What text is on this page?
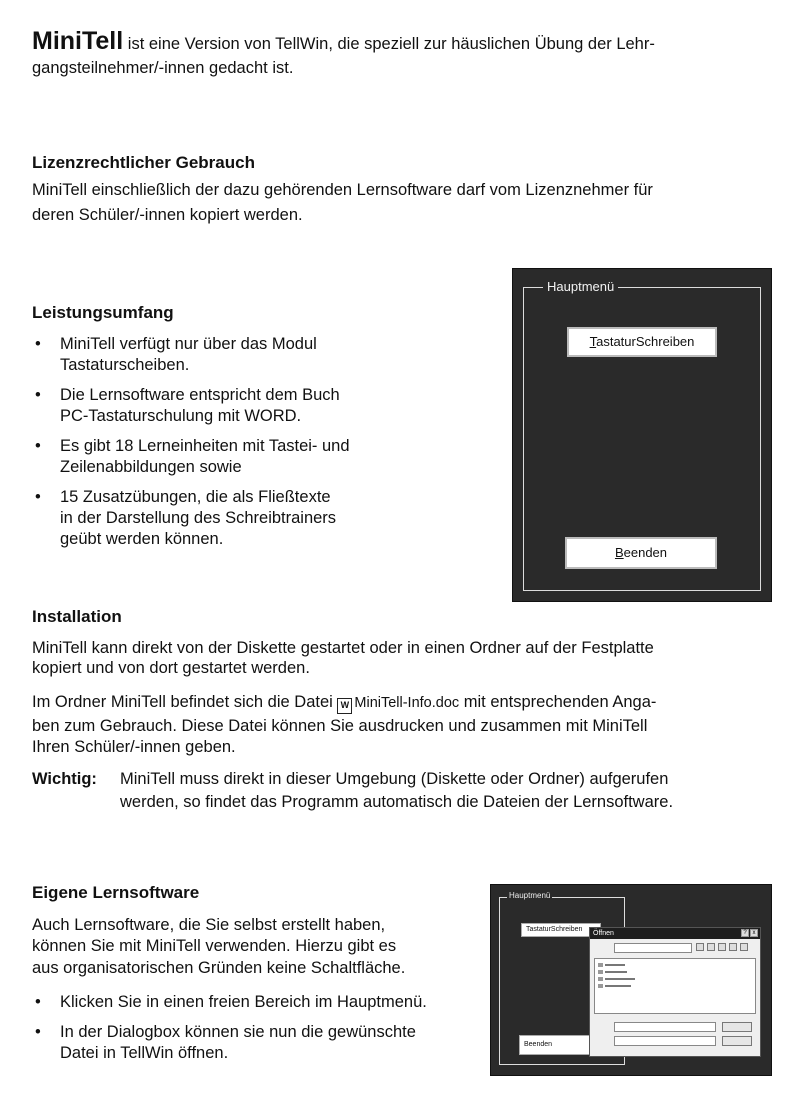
MiniTell ist eine Version von TellWin, die speziell zur häuslichen Übung der Lehr-

gangsteilnehmer/-innen gedacht ist.

Lizenzrechtlicher Gebrauch

MiniTell einschließlich der dazu gehörenden Lernsoftware darf vom Lizenznehmer für

deren Schüler/-innen kopiert werden.

Leistungsumfang
• MiniTell verfügt nur über das Modul
Tastaturscheiben.
• Die Lernsoftware entspricht dem Buch
PC-Tastaturschulung mit WORD.
• Es gibt 18 Lerneinheiten mit Tastei- und
Zeilenabbildungen sowie
• 15 Zusatzübungen, die als Fließtexte
in der Darstellung des Schreibtrainers
geübt werden können.
Hauptmenü
TastaturSchreiben
Beenden
Installation

MiniTell kann direkt von der Diskette gestartet oder in einen Ordner auf der Festplatte

kopiert und von dort gestartet werden.

Im Ordner MiniTell befindet sich die Datei W MiniTell-Info.doc mit entsprechenden Anga-

ben zum Gebrauch. Diese Datei können Sie ausdrucken und zusammen mit MiniTell

Ihren Schüler/-innen geben.

Wichtig: MiniTell muss direkt in dieser Umgebung (Diskette oder Ordner) aufgerufen

werden, so findet das Programm automatisch die Dateien der Lernsoftware.

Eigene Lernsoftware

Auch Lernsoftware, die Sie selbst erstellt haben,

können Sie mit MiniTell verwenden. Hierzu gibt es

aus organisatorischen Gründen keine Schaltfläche.

• Klicken Sie in einen freien Bereich im Hauptmenü.
• In der Dialogbox können sie nun die gewünschte
Datei in TellWin öffnen.
Hauptmenü
TastaturSchreiben
Beenden
Öffnen	? x
